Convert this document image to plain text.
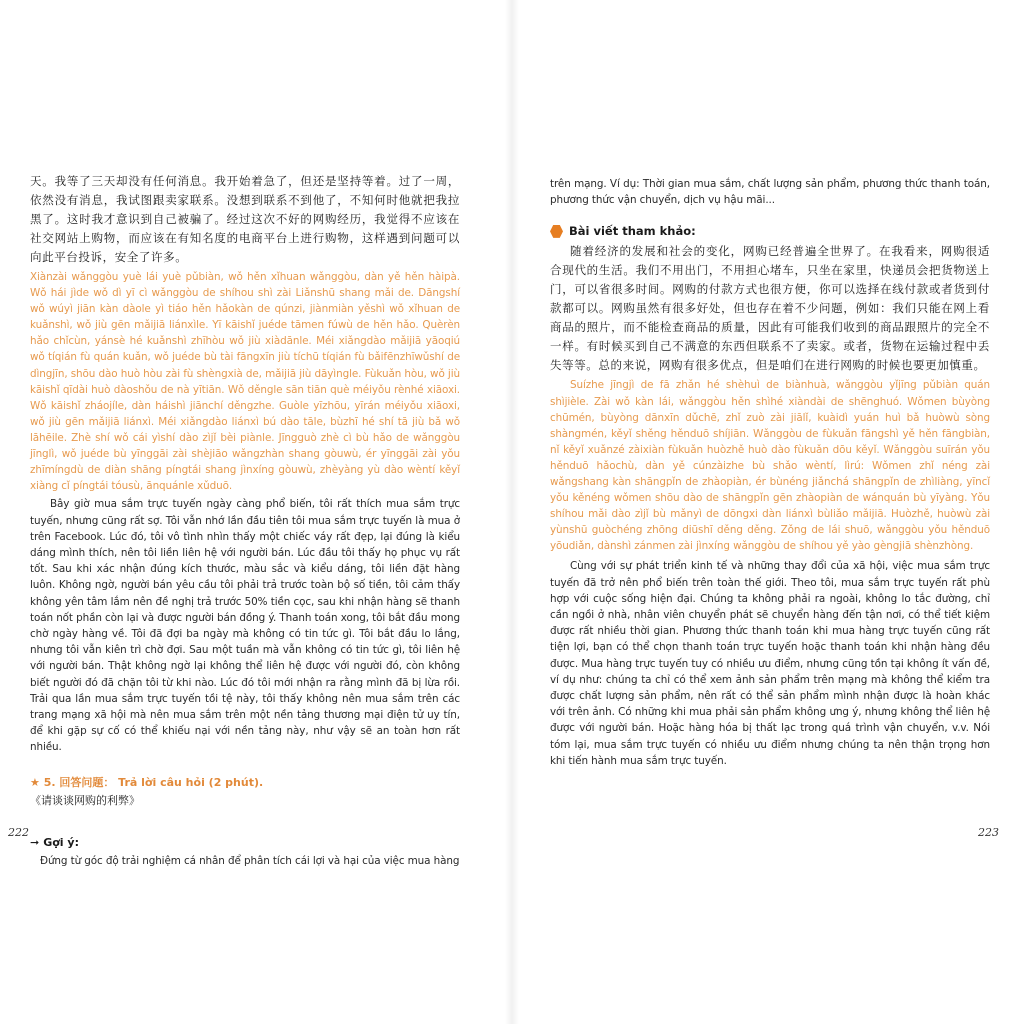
天。我等了三天却没有任何消息。我开始着急了，但还是坚持等着。过了一周，依然没有消息，我试图跟卖家联系。没想到联系不到他了，不知何时他就把我拉黑了。这时我才意识到自己被骗了。经过这次不好的网购经历，我觉得不应该在社交网站上购物，而应该在有知名度的电商平台上进行购物，这样遇到问题可以向此平台投诉，安全了许多。

Xiànzài wǎnggòu yuè lái yuè pǔbiàn, wǒ hěn xǐhuan wǎnggòu, dàn yě hěn hàipà. Wǒ hái jìde wǒ dì yī cì wǎnggòu de shíhou shì zài Liǎnshū shang mǎi de. Dāngshí wǒ wúyì jiān kàn dàole yì tiáo hěn hǎokàn de qúnzi, jiànmiàn yěshì wǒ xǐhuan de kuǎnshì, wǒ jiù gēn mǎijiā liánxìle. Yī kāishǐ juéde tāmen fúwù de hěn hǎo. Quèrèn hǎo chǐcùn, yánsè hé kuǎnshì zhīhòu wǒ jiù xiàdānle. Méi xiǎngdào mǎijiā yāoqiú wǒ tíqián fù quán kuǎn, wǒ juéde bù tài fāngxīn jiù tíchū tíqián fù bǎifēnzhīwǔshí de dìngjīn, shōu dào huò hòu zài fù shèngxià de, mǎijiā jiù dāyìngle. Fùkuǎn hòu, wǒ jiù kāishǐ qīdài huò dàoshǒu de nà yītiān. Wǒ děngle sān tiān què méiyǒu rènhé xiāoxi. Wǒ kāishǐ zháojíle, dàn háishì jiānchí děngzhe. Guòle yīzhōu, yīrán méiyǒu xiāoxi, wǒ jiù gēn mǎijiā liánxì. Méi xiǎngdào liánxì bú dào tāle, bùzhī hé shí tā jiù bǎ wǒ lāhēile. Zhè shí wǒ cái yìshí dào zìjǐ bèi piànle. Jīngguò zhè cì bù hǎo de wǎnggòu jīnglì, wǒ juéde bù yīnggāi zài shèjiāo wǎngzhàn shang gòuwù, ér yīnggāi zài yǒu zhīmíngdù de diàn shāng píngtái shang jìnxíng gòuwù, zhèyàng yù dào wèntí kěyǐ xiàng cǐ píngtái tóusù, ānquánle xǔduō.

Bây giờ mua sắm trực tuyến ngày càng phổ biến, tôi rất thích mua sắm trực tuyến, nhưng cũng rất sợ. Tôi vẫn nhớ lần đầu tiên tôi mua sắm trực tuyến là mua ở trên Facebook. Lúc đó, tôi vô tình nhìn thấy một chiếc váy rất đẹp, lại đúng là kiểu dáng mình thích, nên tôi liền liên hệ với người bán. Lúc đầu tôi thấy họ phục vụ rất tốt. Sau khi xác nhận đúng kích thước, màu sắc và kiểu dáng, tôi liền đặt hàng luôn. Không ngờ, người bán yêu cầu tôi phải trả trước toàn bộ số tiền, tôi cảm thấy không yên tâm lắm nên đề nghị trả trước 50% tiền cọc, sau khi nhận hàng sẽ thanh toán nốt phần còn lại và được người bán đồng ý. Thanh toán xong, tôi bắt đầu mong chờ ngày hàng về. Tôi đã đợi ba ngày mà không có tin tức gì. Tôi bắt đầu lo lắng, nhưng tôi vẫn kiên trì chờ đợi. Sau một tuần mà vẫn không có tin tức gì, tôi liên hệ với người bán. Thật không ngờ lại không thể liên hệ được với người đó, còn không biết người đó đã chặn tôi từ khi nào. Lúc đó tôi mới nhận ra rằng mình đã bị lừa rồi. Trải qua lần mua sắm trực tuyến tồi tệ này, tôi thấy không nên mua sắm trên các trang mạng xã hội mà nên mua sắm trên một nền tảng thương mại điện tử uy tín, để khi gặp sự cố có thể khiếu nại với nền tảng này, như vậy sẽ an toàn hơn rất nhiều.

★ 5. 回答问题： Trả lời câu hỏi (2 phút).
《请谈谈网购的利弊》
➞ Gợi ý:

Đứng từ góc độ trải nghiệm cá nhân để phân tích cái lợi và hại của việc mua hàng

222

trên mạng. Ví dụ: Thời gian mua sắm, chất lượng sản phẩm, phương thức thanh toán, phương thức vận chuyển, dịch vụ hậu mãi...

Bài viết tham khảo:

随着经济的发展和社会的变化，网购已经普遍全世界了。在我看来，网购很适合现代的生活。我们不用出门，不用担心堵车，只坐在家里，快递员会把货物送上门，可以省很多时间。网购的付款方式也很方便，你可以选择在线付款或者货到付款都可以。网购虽然有很多好处，但也存在着不少问题，例如：我们只能在网上看商品的照片，而不能检查商品的质量，因此有可能我们收到的商品跟照片的完全不一样。有时候买到自己不满意的东西但联系不了卖家。或者，货物在运输过程中丢失等等。总的来说，网购有很多优点，但是咱们在进行网购的时候也要更加慎重。

Suízhe jīngjì de fā zhǎn hé shèhuì de biànhuà, wǎnggòu yǐjīng pǔbiàn quán shìjièle. Zài wǒ kàn lái, wǎnggòu hěn shìhé xiàndài de shēnghuó. Wǒmen bùyòng chūmén, bùyòng dānxīn dǔchē, zhǐ zuò zài jiālǐ, kuàidì yuán huì bǎ huòwù sòng shàngmén, kěyǐ shěng hěnduō shíjiān. Wǎnggòu de fùkuǎn fāngshì yě hěn fāngbiàn, nǐ kěyǐ xuǎnzé zàixiàn fùkuǎn huòzhě huò dào fùkuǎn dōu kěyǐ. Wǎnggòu suīrán yǒu hěnduō hǎochù, dàn yě cúnzàizhe bù shǎo wèntí, lìrú: Wǒmen zhǐ néng zài wǎngshang kàn shāngpǐn de zhàopiàn, ér bùnéng jiǎnchá shāngpǐn de zhìliàng, yīncǐ yǒu kěnéng wǒmen shōu dào de shāngpǐn gēn zhàopiàn de wánquán bù yīyàng. Yǒu shíhou mǎi dào zìjǐ bù mǎnyì de dōngxi dàn liánxì bùliǎo mǎijiā. Huòzhě, huòwù zài yùnshū guòchéng zhōng diūshī děng děng. Zǒng de lái shuō, wǎnggòu yǒu hěnduō yōudiǎn, dànshì zánmen zài jìnxíng wǎnggòu de shíhou yě yào gèngjiā shènzhòng.

Cùng với sự phát triển kinh tế và những thay đổi của xã hội, việc mua sắm trực tuyến đã trở nên phổ biến trên toàn thế giới. Theo tôi, mua sắm trực tuyến rất phù hợp với cuộc sống hiện đại. Chúng ta không phải ra ngoài, không lo tắc đường, chỉ cần ngồi ở nhà, nhân viên chuyển phát sẽ chuyển hàng đến tận nơi, có thể tiết kiệm được rất nhiều thời gian. Phương thức thanh toán khi mua hàng trực tuyến cũng rất tiện lợi, bạn có thể chọn thanh toán trực tuyến hoặc thanh toán khi nhận hàng đều được. Mua hàng trực tuyến tuy có nhiều ưu điểm, nhưng cũng tồn tại không ít vấn đề, ví dụ như: chúng ta chỉ có thể xem ảnh sản phẩm trên mạng mà không thể kiểm tra được chất lượng sản phẩm, nên rất có thể sản phẩm mình nhận được là hoàn khác với trên ảnh. Có những khi mua phải sản phẩm không ưng ý, nhưng không thể liên hệ được với người bán. Hoặc hàng hóa bị thất lạc trong quá trình vận chuyển, v.v. Nói tóm lại, mua sắm trực tuyến có nhiều ưu điểm nhưng chúng ta nên thận trọng hơn khi tiến hành mua sắm trực tuyến.

223
